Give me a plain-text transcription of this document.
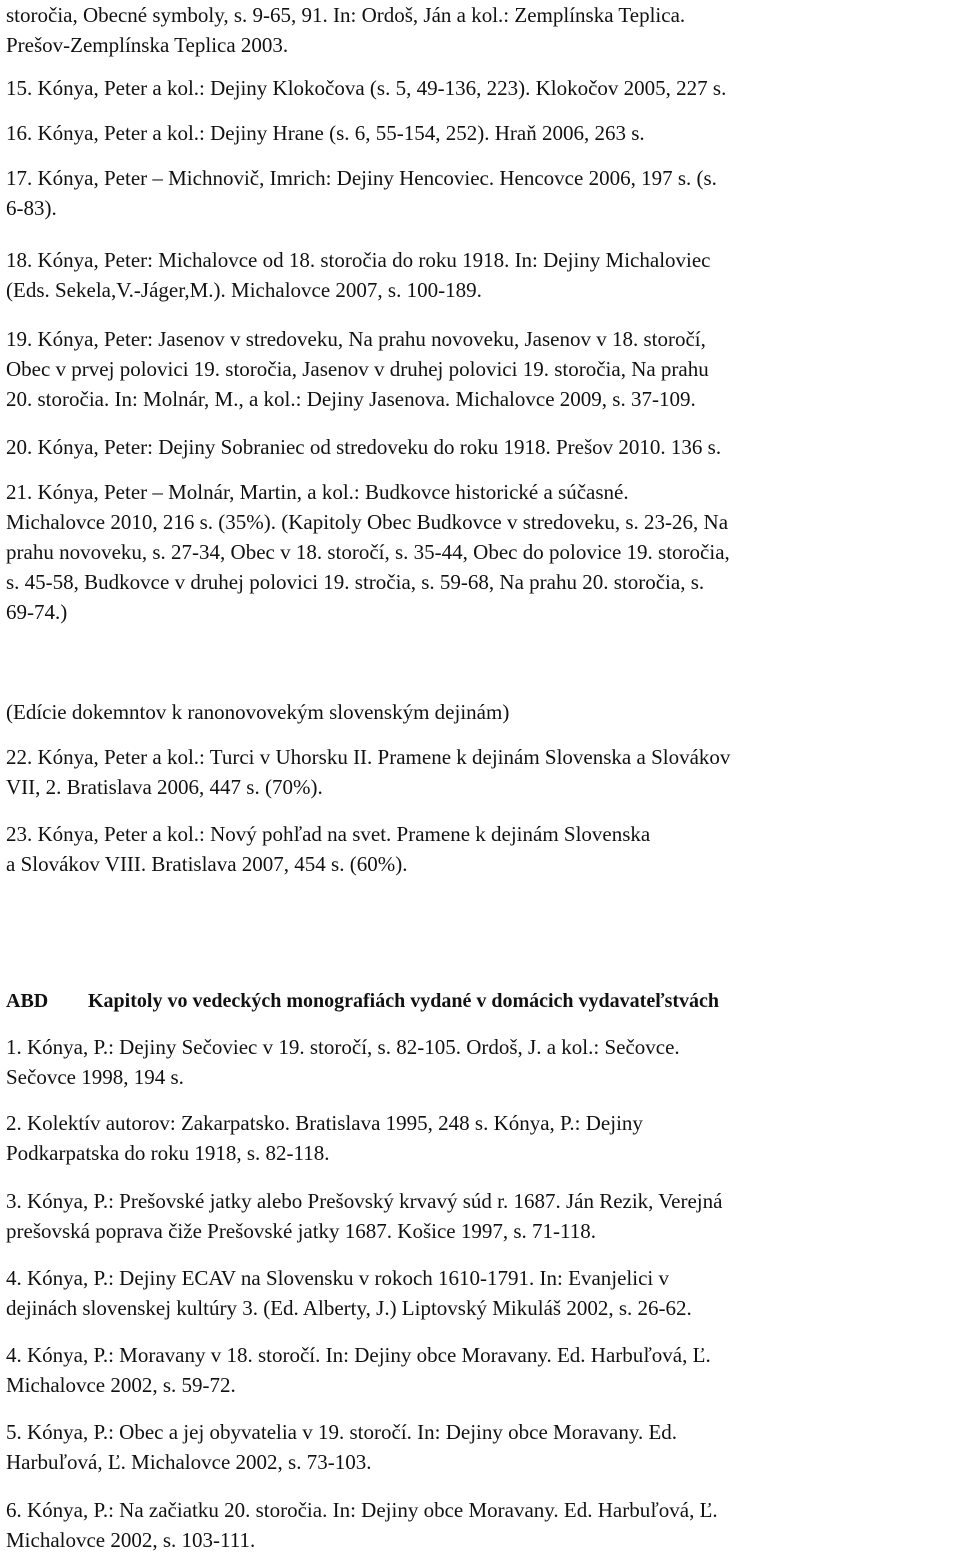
storočia, Obecné symboly, s. 9-65, 91. In: Ordoš, Ján a kol.: Zemplínska Teplica.
Prešov-Zemplínska Teplica 2003.
15. Kónya, Peter a kol.: Dejiny Klokočova (s. 5, 49-136, 223). Klokočov 2005, 227 s.
16. Kónya, Peter a kol.: Dejiny Hrane (s. 6, 55-154, 252). Hraň 2006, 263 s.
17. Kónya, Peter – Michnovič, Imrich: Dejiny Hencoviec. Hencovce 2006, 197 s. (s.
6-83).
18. Kónya, Peter: Michalovce od 18. storočia do roku 1918. In: Dejiny Michaloviec
(Eds. Sekela,V.-Jáger,M.). Michalovce 2007, s. 100-189.
19. Kónya, Peter: Jasenov v stredoveku, Na prahu novoveku, Jasenov v 18. storočí,
Obec v prvej polovici 19. storočia, Jasenov v druhej polovici 19. storočia, Na prahu
20. storočia. In: Molnár, M., a kol.: Dejiny Jasenova. Michalovce 2009, s. 37-109.
20. Kónya, Peter: Dejiny Sobraniec od stredoveku do roku 1918. Prešov 2010. 136 s.
21. Kónya, Peter – Molnár, Martin, a kol.: Budkovce historické a súčasné.
Michalovce 2010, 216 s. (35%). (Kapitoly Obec Budkovce v stredoveku, s. 23-26, Na
prahu novoveku, s. 27-34, Obec v 18. storočí, s. 35-44, Obec do polovice 19. storočia,
s. 45-58, Budkovce v druhej polovici 19. stročia, s. 59-68, Na prahu 20. storočia, s.
69-74.)
(Edície dokemntov k ranonovovekým slovenským dejinám)
22. Kónya, Peter a kol.: Turci v Uhorsku II. Pramene k dejinám Slovenska a Slovákov
VII, 2. Bratislava 2006, 447 s. (70%).
23. Kónya, Peter a kol.: Nový pohľad na svet. Pramene k dejinám Slovenska
a Slovákov VIII. Bratislava 2007, 454 s. (60%).
ABD Kapitoly vo vedeckých monografiách vydané v domácich vydavateľstvách
1. Kónya, P.: Dejiny Sečoviec v 19. storočí, s. 82-105. Ordoš, J. a kol.: Sečovce.
Sečovce 1998, 194 s.
2. Kolektív autorov: Zakarpatsko. Bratislava 1995, 248 s. Kónya, P.: Dejiny
Podkarpatska do roku 1918, s. 82-118.
3. Kónya, P.: Prešovské jatky alebo Prešovský krvavý súd r. 1687. Ján Rezik, Verejná
prešovská poprava čiže Prešovské jatky 1687. Košice 1997, s. 71-118.
4. Kónya, P.: Dejiny ECAV na Slovensku v rokoch 1610-1791. In: Evanjelici v
dejinách slovenskej kultúry 3. (Ed. Alberty, J.) Liptovský Mikuláš 2002, s. 26-62.
4. Kónya, P.: Moravany v 18. storočí. In: Dejiny obce Moravany. Ed. Harbuľová, Ľ.
Michalovce 2002, s. 59-72.
5. Kónya, P.: Obec a jej obyvatelia v 19. storočí. In: Dejiny obce Moravany. Ed.
Harbuľová, Ľ. Michalovce 2002, s. 73-103.
6. Kónya, P.: Na začiatku 20. storočia. In: Dejiny obce Moravany. Ed. Harbuľová, Ľ.
Michalovce 2002, s. 103-111.
